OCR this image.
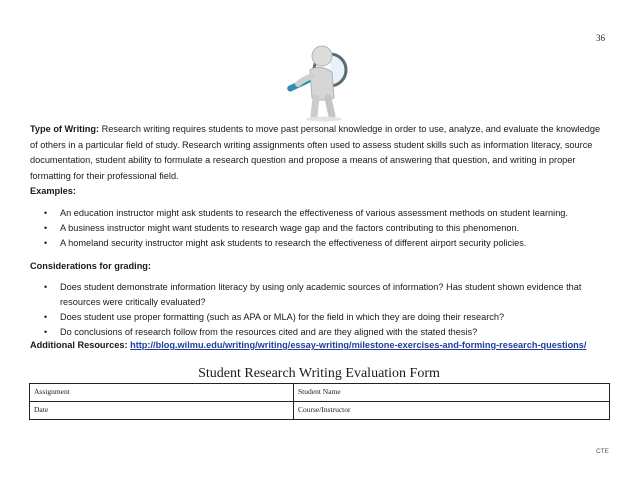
36

Type of Writing: Research writing requires students to move past personal knowledge in order to use, analyze, and evaluate the knowledge of others in a particular field of study. Research writing assignments often used to assess student skills such as information literacy, source documentation, student ability to formulate a research question and propose a means of answering that question, and writing in proper formatting for their professional field.

Examples:

• An education instructor might ask students to research the effectiveness of various assessment methods on student learning.
• A business instructor might want students to research wage gap and the factors contributing to this phenomenon.
• A homeland security instructor might ask students to research the effectiveness of different airport security policies.

Considerations for grading:

• Does student demonstrate information literacy by using only academic sources of information? Has student shown evidence that resources were critically evaluated?
• Does student use proper formatting (such as APA or MLA) for the field in which they are doing their research?
• Do conclusions of research follow from the resources cited and are they aligned with the stated thesis?

Additional Resources: http://blog.wilmu.edu/writing/writing/essay-writing/milestone-exercises-and-forming-research-questions/

Student Research Writing Evaluation Form
Assignment	Student Name
Date	Course/Instructor
CTE
